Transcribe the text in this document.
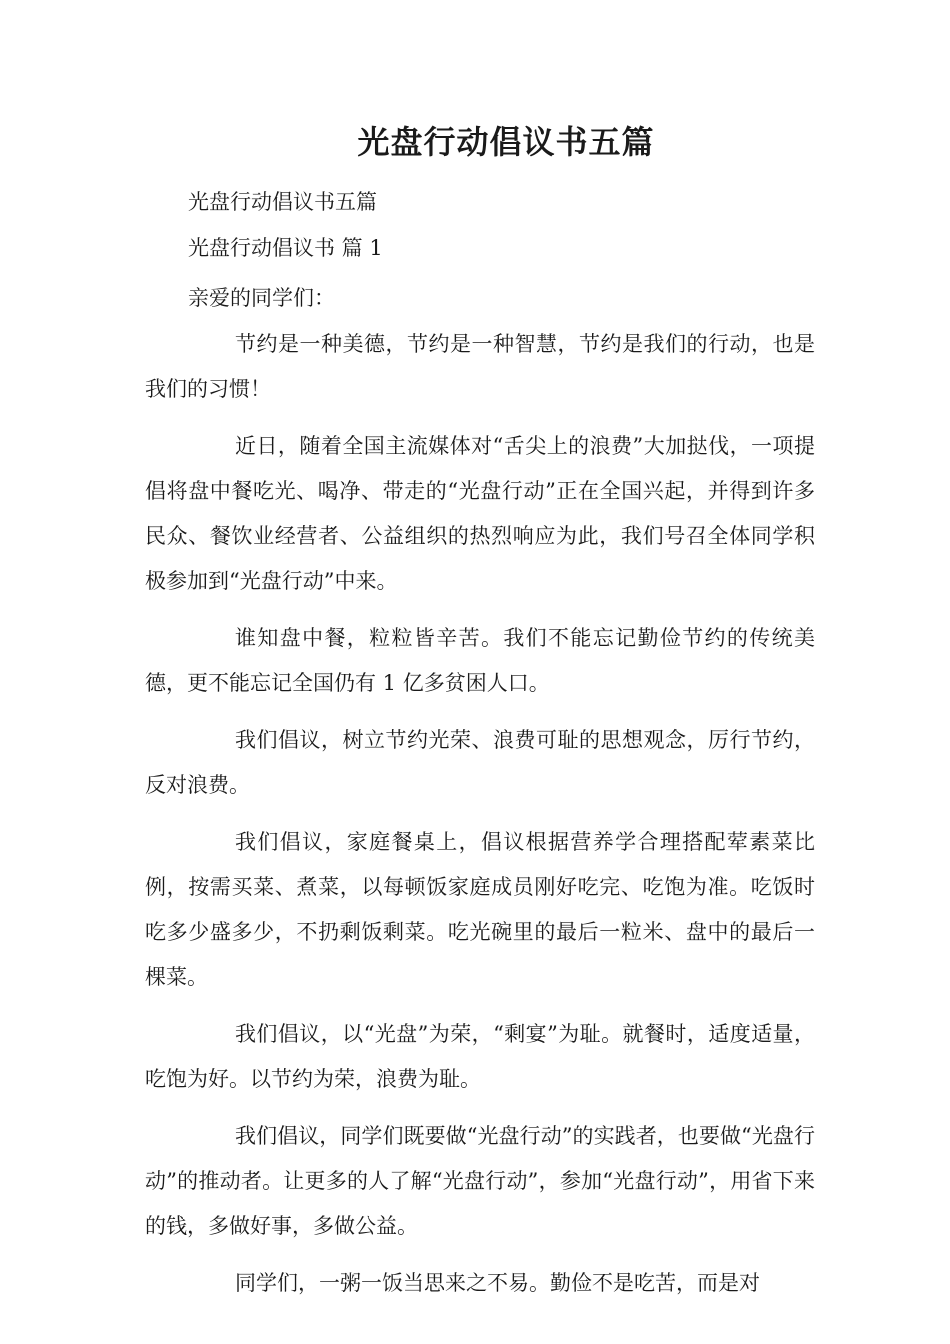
光盘行动倡议书五篇
光盘行动倡议书五篇
光盘行动倡议书 篇 1
亲爱的同学们：

节约是一种美德，节约是一种智慧，节约是我们的行动，也是我们的习惯！

近日，随着全国主流媒体对“舌尖上的浪费”大加挞伐，一项提倡将盘中餐吃光、喝净、带走的“光盘行动”正在全国兴起，并得到许多民众、餐饮业经营者、公益组织的热烈响应为此，我们号召全体同学积极参加到“光盘行动”中来。

谁知盘中餐，粒粒皆辛苦。我们不能忘记勤俭节约的传统美德，更不能忘记全国仍有 1 亿多贫困人口。

我们倡议，树立节约光荣、浪费可耻的思想观念，厉行节约，反对浪费。

我们倡议，家庭餐桌上，倡议根据营养学合理搭配荤素菜比例，按需买菜、煮菜，以每顿饭家庭成员刚好吃完、吃饱为准。吃饭时吃多少盛多少，不扔剩饭剩菜。吃光碗里的最后一粒米、盘中的最后一棵菜。

我们倡议，以“光盘”为荣，“剩宴”为耻。就餐时，适度适量，吃饱为好。以节约为荣，浪费为耻。

我们倡议，同学们既要做“光盘行动”的实践者，也要做“光盘行动”的推动者。让更多的人了解“光盘行动”，参加“光盘行动”，用省下来的钱，多做好事，多做公益。

同学们，一粥一饭当思来之不易。勤俭不是吃苦，而是对
